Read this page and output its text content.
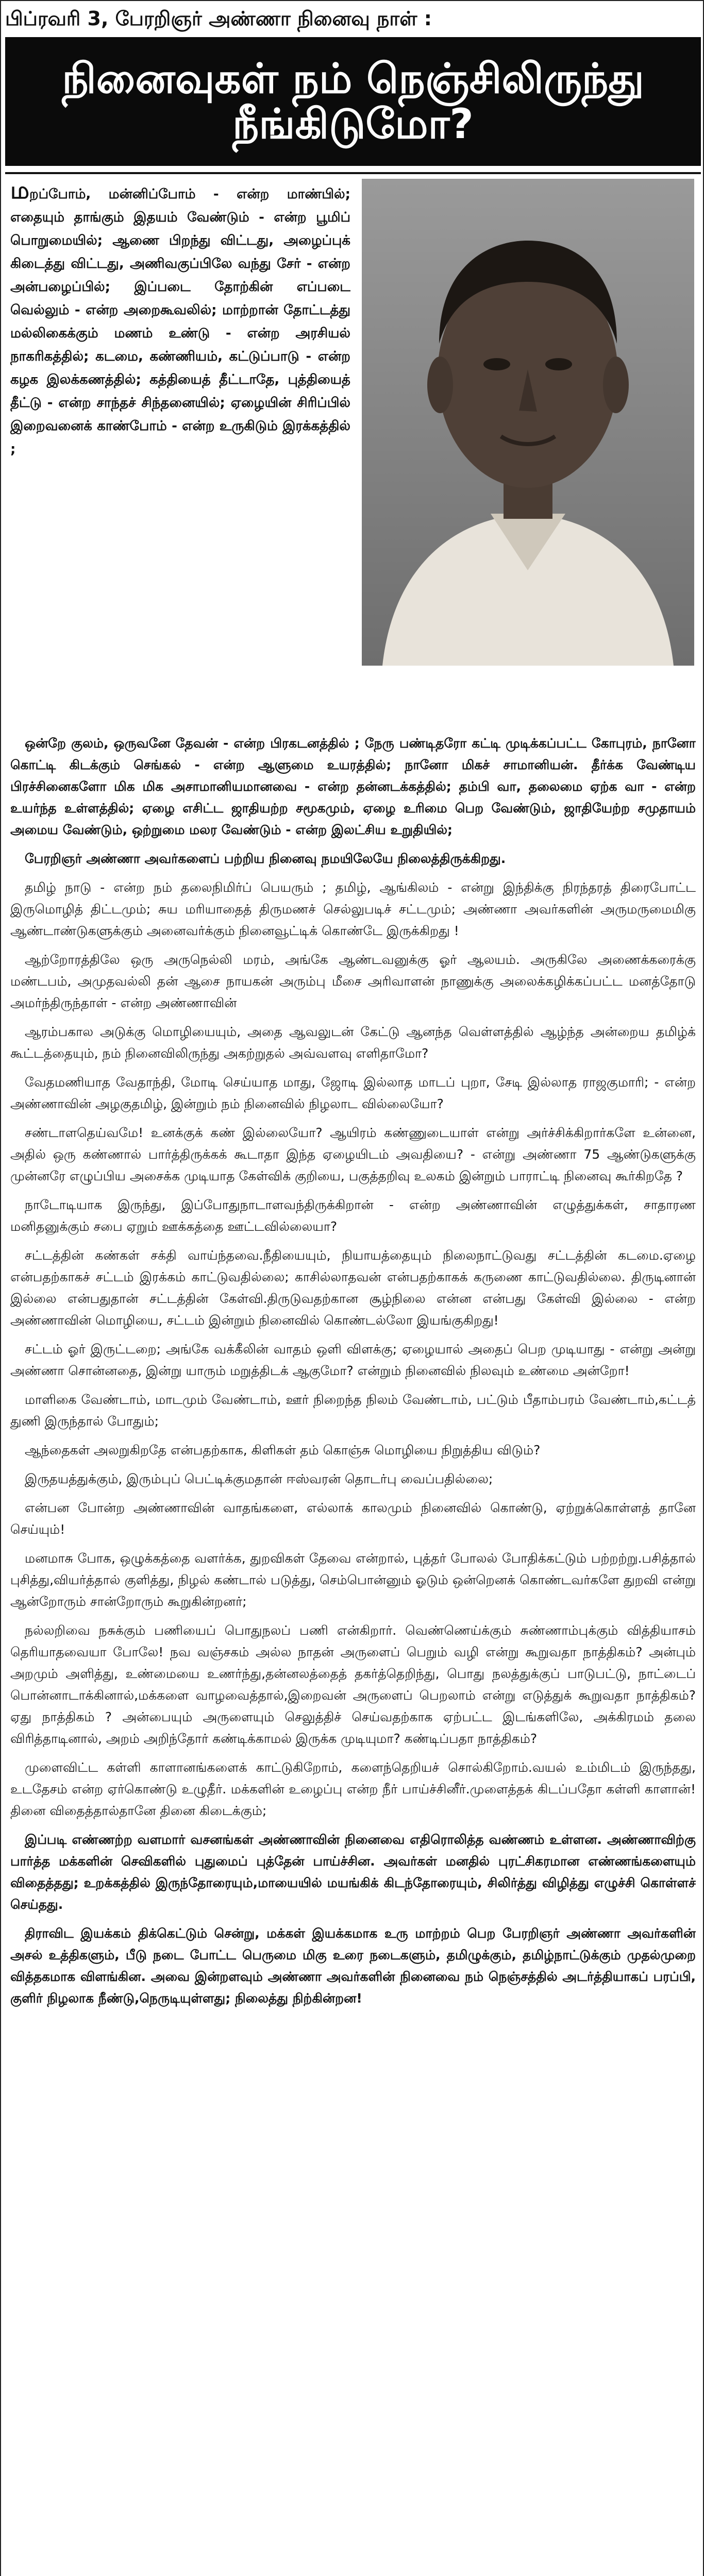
பிப்ரவரி 3, பேரறிஞர் அண்ணா நினைவு நாள் :
நினைவுகள் நம் நெஞ்சிலிருந்து நீங்கிடுமோ?
மறப்போம், மன்னிப்போம் - என்ற மாண்பில்; எதையும் தாங்கும் இதயம் வேண்டும் - என்ற பூமிப் பொறுமையில்; ஆணை பிறந்து விட்டது, அழைப்புக் கிடைத்து விட்டது, அணிவகுப்பிலே வந்து சேர் - என்ற அன்பழைப்பில்; இப்படை தோற்கின் எப்படை வெல்லும் - என்ற அறைகூவலில்; மாற்றான் தோட்டத்து மல்லிகைக்கும் மணம் உண்டு - என்ற அரசியல் நாகரிகத்தில்; கடமை, கண்ணியம், கட்டுப்பாடு - என்ற கழக இலக்கணத்தில்; கத்தியைத் தீட்டாதே, புத்தியைத் தீட்டு - என்ற சாந்தச் சிந்தனையில்; ஏழையின் சிரிப்பில் இறைவனைக் காண்போம் - என்ற உருகிடும் இரக்கத்தில் ;

ஒன்றே குலம், ஒருவனே தேவன் - என்ற பிரகடனத்தில் ; நேரு பண்டிதரோ கட்டி முடிக்கப்பட்ட கோபுரம், நானோ கொட்டி கிடக்கும் செங்கல் - என்ற ஆளுமை உயரத்தில்; நானோ மிகச் சாமானியன். தீர்க்க வேண்டிய பிரச்சினைகளோ மிக மிக அசாமானியமானவை - என்ற தன்னடக்கத்தில்; தம்பி வா, தலைமை ஏற்க வா - என்ற உயர்ந்த உள்ளத்தில்; ஏழை எசிட்ட ஜாதியற்ற சமூகமும், ஏழை உரிமை பெற வேண்டும், ஜாதியேற்ற சமுதாயம் அமைய வேண்டும், ஒற்றுமை மலர வேண்டும் - என்ற இலட்சிய உறுதியில்;

பேரறிஞர் அண்ணா அவர்களைப் பற்றிய நினைவு நமயிலேயே நிலைத்திருக்கிறது.

தமிழ் நாடு - என்ற நம் தலைநிமிர்ப் பெயரும் ; தமிழ், ஆங்கிலம் - என்று இந்திக்கு நிரந்தரத் திரைபோட்ட இருமொழித் திட்டமும்; சுய மரியாதைத் திருமணச் செல்லுபடிச் சட்டமும்; அண்ணா அவர்களின் அருமருமைமிகு ஆண்டாண்டுகளுக்கும் அனைவர்க்கும் நினைவூட்டிக் கொண்டே இருக்கிறது !

ஆற்றோரத்திலே ஒரு அருநெல்லி மரம், அங்கே ஆண்டவனுக்கு ஓர் ஆலயம். அருகிலே அணைக்கரைக்கு மண்டபம், அமுதவல்லி தன் ஆசை நாயகன் அரும்பு மீசை அரிவாளன் நாணுக்கு அலைக்கழிக்கப்பட்ட மனத்தோடு அமர்ந்திருந்தாள் - என்ற அண்ணாவின்

ஆரம்பகால அடுக்கு மொழியையும், அதை ஆவலுடன் கேட்டு ஆனந்த வெள்ளத்தில் ஆழ்ந்த அன்றைய தமிழ்க் கூட்டத்தையும், நம் நினைவிலிருந்து அகற்றுதல் அவ்வளவு எளிதாமோ?

வேதமணியாத வேதாந்தி, மோடி செய்யாத மாது, ஜோடி இல்லாத மாடப் புறா, சேடி இல்லாத ராஜகுமாரி; - என்ற அண்ணாவின் அழகுதமிழ், இன்றும் நம் நினைவில் நிழலாட வில்லையோ?

சண்டாளதெய்வமே! உனக்குக் கண் இல்லையோ? ஆயிரம் கண்ணுடையாள் என்று அர்ச்சிக்கிறார்களே உன்னை, அதில் ஒரு கண்ணால் பார்த்திருக்கக் கூடாதா இந்த ஏழையிடம் அவதியை? - என்று அண்ணா 75 ஆண்டுகளுக்கு முன்னரே எழுப்பிய அசைக்க முடியாத கேள்விக் குறியை, பகுத்தறிவு உலகம் இன்றும் பாராட்டி நினைவு கூர்கிறதே ?

நாடோடியாக இருந்து, இப்போதுநாடாளவந்திருக்கிறான் - என்ற அண்ணாவின் எழுத்துக்கள், சாதாரண மனிதனுக்கும் சபை ஏறும் ஊக்கத்தை ஊட்டவில்லையா?

சட்டத்தின் கண்கள் சக்தி வாய்ந்தவை.நீதியையும், நியாயத்தையும் நிலைநாட்டுவது சட்டத்தின் கடமை.ஏழை என்பதற்காகச் சட்டம் இரக்கம் காட்டுவதில்லை; காசில்லாதவன் என்பதற்காகக் கருணை காட்டுவதில்லை. திருடினான் இல்லை என்பதுதான் சட்டத்தின் கேள்வி.திருடுவதற்கான சூழ்நிலை என்ன என்பது கேள்வி இல்லை - என்ற அண்ணாவின் மொழியை, சட்டம் இன்றும் நினைவில் கொண்டல்லோ இயங்குகிறது!

சட்டம் ஓர் இருட்டறை; அங்கே வக்கீலின் வாதம் ஒளி விளக்கு; ஏழையால் அதைப் பெற முடியாது - என்று அன்று அண்ணா சொன்னதை, இன்று யாரும் மறுத்திடக் ஆகுமோ? என்றும் நினைவில் நிலவும் உண்மை அன்றோ!

மாளிகை வேண்டாம், மாடமும் வேண்டாம், ஊர் நிறைந்த நிலம் வேண்டாம், பட்டும் பீதாம்பரம் வேண்டாம்,கட்டத் துணி இருந்தால் போதும்;

ஆந்தைகள் அலறுகிறதே என்பதற்காக, கிளிகள் தம் கொஞ்சு மொழியை நிறுத்திய விடும்?

இருதயத்துக்கும், இரும்புப் பெட்டிக்குமதான் ஈஸ்வரன் தொடர்பு வைப்பதில்லை;

என்பன போன்ற அண்ணாவின் வாதங்களை, எல்லாக் காலமும் நினைவில் கொண்டு, ஏற்றுக்கொள்ளத் தானே செய்யும்!

மனமாசு போக, ஒழுக்கத்தை வளர்க்க, துறவிகள் தேவை என்றால், புத்தர் போலல் போதிக்கட்டும் பற்றற்று.பசித்தால் புசித்து,வியர்த்தால் குளித்து, நிழல் கண்டால் படுத்து, செம்பொன்னும் ஓடும் ஒன்றெனக் கொண்டவர்களே துறவி என்று ஆன்றோரும் சான்றோரும் கூறுகின்றனர்;

நல்லறிவை நசுக்கும் பணியைப் பொதுநலப் பணி என்கிறார். வெண்ணெய்க்கும் சுண்ணாம்புக்கும் வித்தியாசம் தெரியாதவையா போலே! நவ வஞ்சகம் அல்ல நாதன் அருளைப் பெறும் வழி என்று கூறுவதா நாத்திகம்? அன்பும் அறமும் அளித்து, உண்மையை உணர்ந்து,தன்னலத்தைத் தகர்த்தெறிந்து, பொது நலத்துக்குப் பாடுபட்டு, நாட்டைப் பொன்னாடாக்கினால்,மக்களை வாழவைத்தால்,இறைவன் அருளைப் பெறலாம் என்று எடுத்துக் கூறுவதா நாத்திகம்? ஏது நாத்திகம் ? அன்பையும் அருளையும் செலுத்திச் செய்வதற்காக ஏற்பட்ட இடங்களிலே, அக்கிரமம் தலை விரித்தாடினால், அறம் அறிந்தோர் கண்டிக்காமல் இருக்க முடியுமா? கண்டிப்பதா நாத்திகம்?

முளைவிட்ட கள்ளி காளானங்களைக் காட்டுகிறோம், களைந்தெறியச் சொல்கிறோம்.வயல் உம்மிடம் இருந்தது, உடதேசம் என்ற ஏர்கொண்டு உழுதீர். மக்களின் உழைப்பு என்ற நீர் பாய்ச்சினீர்.முளைத்தக் கிடப்பதோ கள்ளி காளான்! தினை விதைத்தால்தானே தினை கிடைக்கும்;

இப்படி எண்ணற்ற வளமார் வசனங்கள் அண்ணாவின் நினைவை எதிரொலித்த வண்ணம் உள்ளன. அண்ணாவிற்கு பார்த்த மக்களின் செவிகளில் புதுமைப் புத்தேன் பாய்ச்சின. அவர்கள் மனதில் புரட்சிகரமான எண்ணங்களையும் விதைத்தது; உறக்கத்தில் இருந்தோரையும்,மாயையில் மயங்கிக் கிடந்தோரையும், சிலிர்த்து விழித்து எழுச்சி கொள்ளச் செய்தது.

திராவிட இயக்கம் திக்கெட்டும் சென்று, மக்கள் இயக்கமாக உரு மாற்றம் பெற பேரறிஞர் அண்ணா அவர்களின் அசல் உத்திகளும், பீடு நடை போட்ட பெருமை மிகு உரை நடைகளும், தமிழுக்கும், தமிழ்நாட்டுக்கும் முதல்முறை வித்தகமாக விளங்கின. அவை இன்றளவும் அண்ணா அவர்களின் நினைவை நம் நெஞ்சத்தில் அடர்த்தியாகப் பரப்பி, குளிர் நிழலாக நீண்டு,நெருடியுள்ளது; நிலைத்து நிற்கின்றன!
